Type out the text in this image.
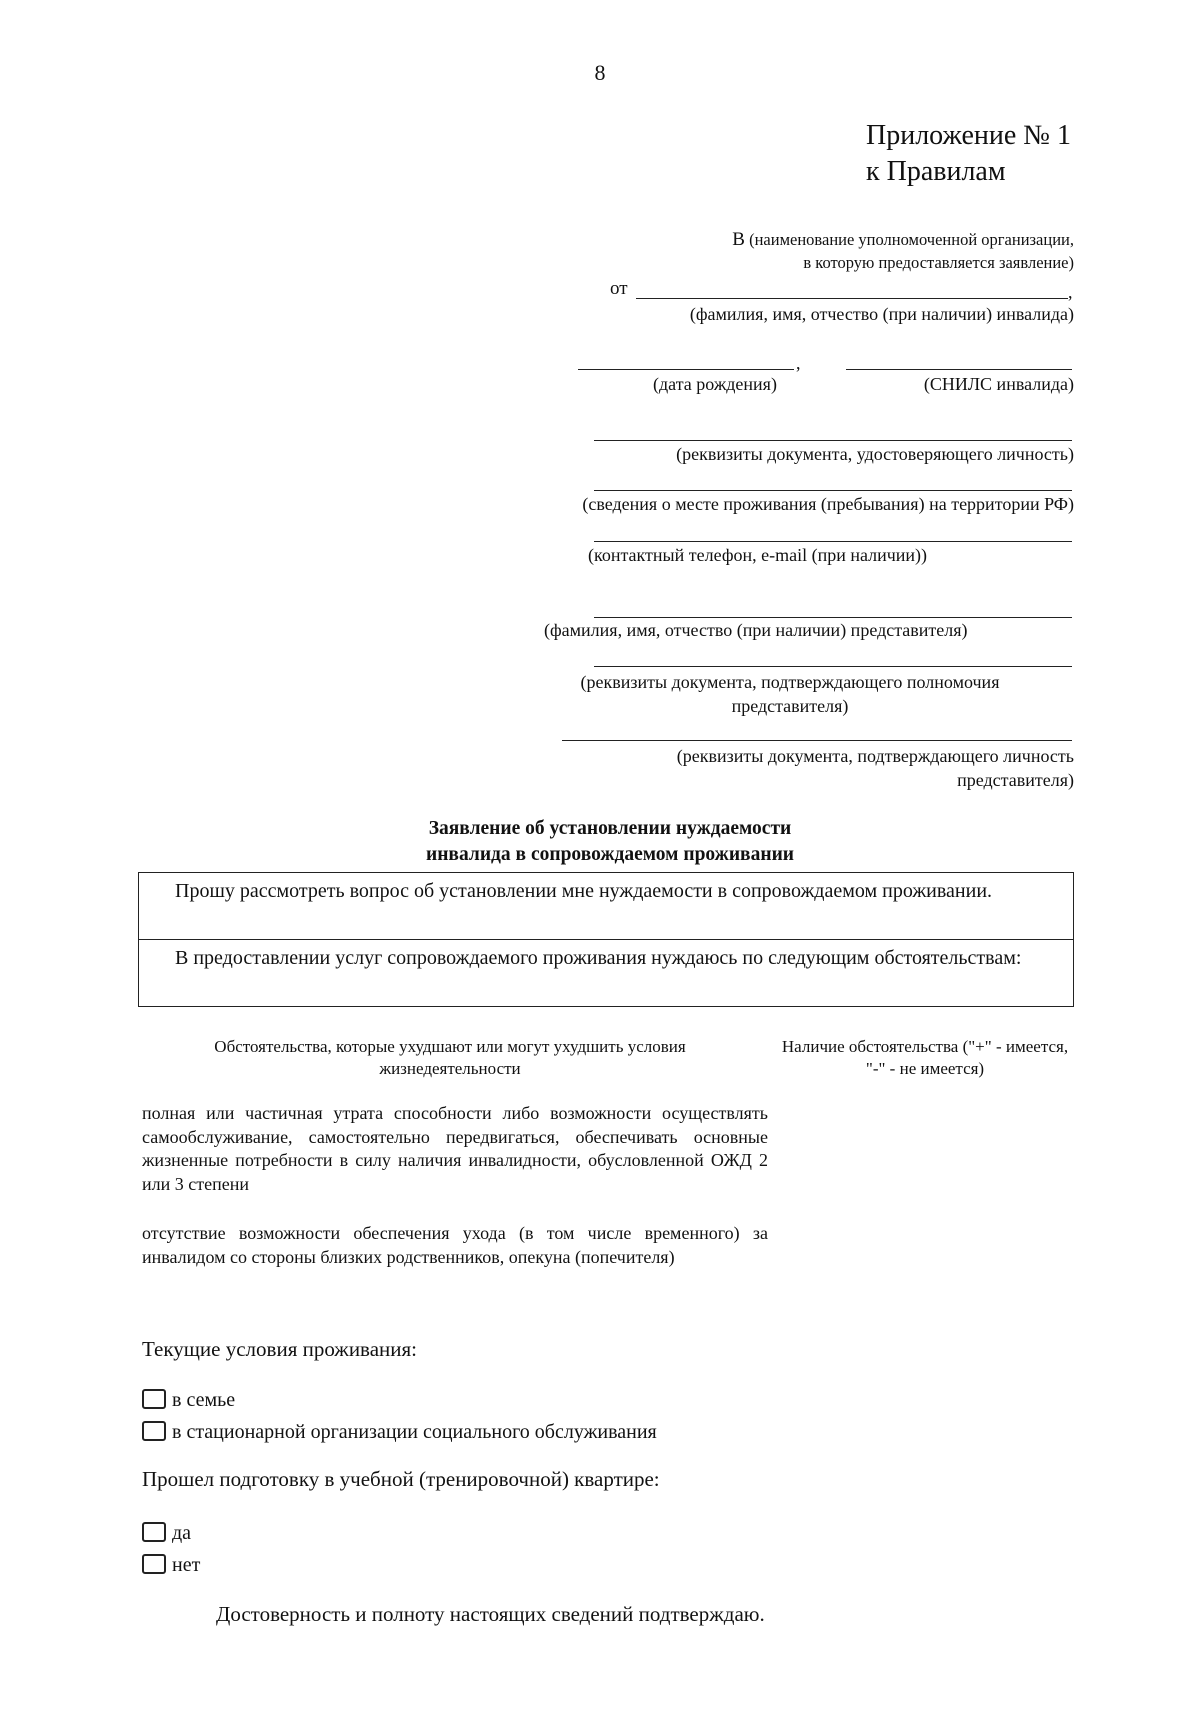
8
Приложение № 1
к Правилам
В (наименование уполномоченной организации,
в которую предоставляется заявление)
от	,
(фамилия, имя, отчество (при наличии) инвалида)
,
(дата рождения)	(СНИЛС инвалида)
(реквизиты документа, удостоверяющего личность)
(сведения о месте проживания (пребывания) на территории РФ)
(контактный телефон, e-mail (при наличии))
(фамилия, имя, отчество (при наличии) представителя)
(реквизиты документа, подтверждающего полномочия
представителя)
(реквизиты документа, подтверждающего личность
представителя)
Заявление об установлении нуждаемости
инвалида в сопровождаемом проживании
Прошу рассмотреть вопрос об установлении мне нуждаемости в сопровождаемом проживании.
В предоставлении услуг сопровождаемого проживания нуждаюсь по следующим обстоятельствам:
Обстоятельства, которые ухудшают или могут ухудшить условия жизнедеятельности
Наличие обстоятельства ("+" - имеется, "-" - не имеется)
полная или частичная утрата способности либо возможности осуществлять самообслуживание, самостоятельно передвигаться, обеспечивать основные жизненные потребности в силу наличия инвалидности, обусловленной ОЖД 2 или 3 степени
отсутствие возможности обеспечения ухода (в том числе временного) за инвалидом со стороны близких родственников, опекуна (попечителя)
Текущие условия проживания:
в семье
в стационарной организации социального обслуживания
Прошел подготовку в учебной (тренировочной) квартире:
да
нет
Достоверность и полноту настоящих сведений подтверждаю.
